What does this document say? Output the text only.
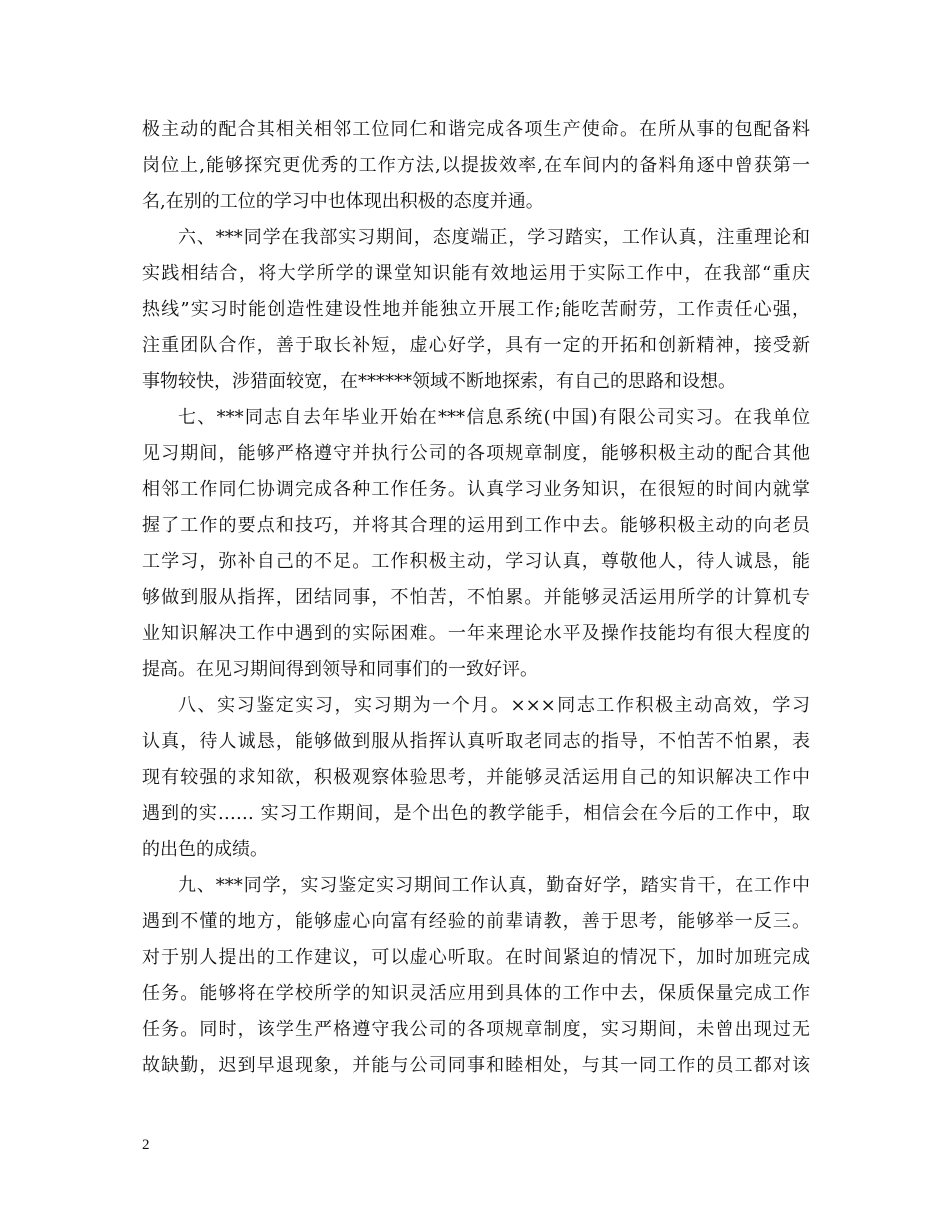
极主动的配合其相关相邻工位同仁和谐完成各项生产使命。在所从事的包配备料
岗位上,能够探究更优秀的工作方法,以提拔效率,在车间内的备料角逐中曾获第一
名,在别的工位的学习中也体现出积极的态度并通。
六、***同学在我部实习期间，态度端正，学习踏实，工作认真，注重理论和
实践相结合，将大学所学的课堂知识能有效地运用于实际工作中，在我部“重庆
热线”实习时能创造性建设性地并能独立开展工作;能吃苦耐劳，工作责任心强，
注重团队合作，善于取长补短，虚心好学，具有一定的开拓和创新精神，接受新
事物较快，涉猎面较宽，在******领域不断地探索，有自己的思路和设想。
七、***同志自去年毕业开始在***信息系统(中国)有限公司实习。在我单位
见习期间，能够严格遵守并执行公司的各项规章制度，能够积极主动的配合其他
相邻工作同仁协调完成各种工作任务。认真学习业务知识，在很短的时间内就掌
握了工作的要点和技巧，并将其合理的运用到工作中去。能够积极主动的向老员
工学习，弥补自己的不足。工作积极主动，学习认真，尊敬他人，待人诚恳，能
够做到服从指挥，团结同事，不怕苦，不怕累。并能够灵活运用所学的计算机专
业知识解决工作中遇到的实际困难。一年来理论水平及操作技能均有很大程度的
提高。在见习期间得到领导和同事们的一致好评。
八、实习鉴定实习，实习期为一个月。×××同志工作积极主动高效，学习
认真，待人诚恳，能够做到服从指挥认真听取老同志的指导，不怕苦不怕累，表
现有较强的求知欲，积极观察体验思考，并能够灵活运用自己的知识解决工作中
遇到的实…… 实习工作期间，是个出色的教学能手，相信会在今后的工作中，取
的出色的成绩。
九、***同学，实习鉴定实习期间工作认真，勤奋好学，踏实肯干，在工作中
遇到不懂的地方，能够虚心向富有经验的前辈请教，善于思考，能够举一反三。
对于别人提出的工作建议，可以虚心听取。在时间紧迫的情况下，加时加班完成
任务。能够将在学校所学的知识灵活应用到具体的工作中去，保质保量完成工作
任务。同时，该学生严格遵守我公司的各项规章制度，实习期间，未曾出现过无
故缺勤，迟到早退现象，并能与公司同事和睦相处，与其一同工作的员工都对该
2
